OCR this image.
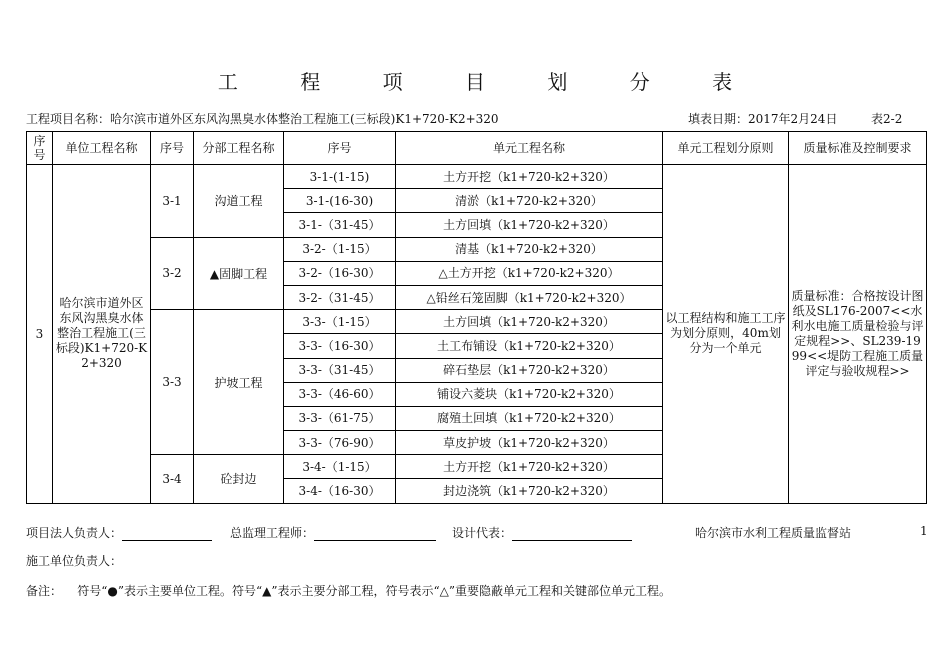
工 程 项 目 划 分 表
工程项目名称：哈尔滨市道外区东风沟黑臭水体整治工程施工(三标段)K1+720-K2+320	填表日期：2017年2月24日	表2-2
序号	单位工程名称	序号	分部工程名称	序号	单元工程名称	单元工程划分原则	质量标准及控制要求
3	哈尔滨市道外区东风沟黑臭水体整治工程施工(三标段)K1+720-K2+320	3-1	沟道工程	3-1-(1-15)	土方开挖（k1+720-k2+320）	以工程结构和施工工序为划分原则，40m划分为一个单元	质量标准：合格按设计图纸及SL176-2007<<水利水电施工质量检验与评定规程>>、SL239-1999<<堤防工程施工质量评定与验收规程>>
				3-1-(16-30)	清淤（k1+720-k2+320）		
				3-1-（31-45）	土方回填（k1+720-k2+320）		
		3-2	▲固脚工程	3-2-（1-15）	清基（k1+720-k2+320）		
				3-2-（16-30）	△土方开挖（k1+720-k2+320）		
				3-2-（31-45）	△铅丝石笼固脚（k1+720-k2+320）		
		3-3	护坡工程	3-3-（1-15）	土方回填（k1+720-k2+320）		
				3-3-（16-30）	土工布铺设（k1+720-k2+320）		
				3-3-（31-45）	碎石垫层（k1+720-k2+320）		
				3-3-（46-60）	铺设六菱块（k1+720-k2+320）		
				3-3-（61-75）	腐殖土回填（k1+720-k2+320）		
				3-3-（76-90）	草皮护坡（k1+720-k2+320）		
		3-4	砼封边	3-4-（1-15）	土方开挖（k1+720-k2+320）		
				3-4-（16-30）	封边浇筑（k1+720-k2+320）		
项目法人负责人：	总监理工程师：	设计代表：	哈尔滨市水利工程质量监督站	1
施工单位负责人：
备注：    符号“●”表示主要单位工程。符号“▲”表示主要分部工程，符号表示“△”重要隐蔽单元工程和关键部位单元工程。
